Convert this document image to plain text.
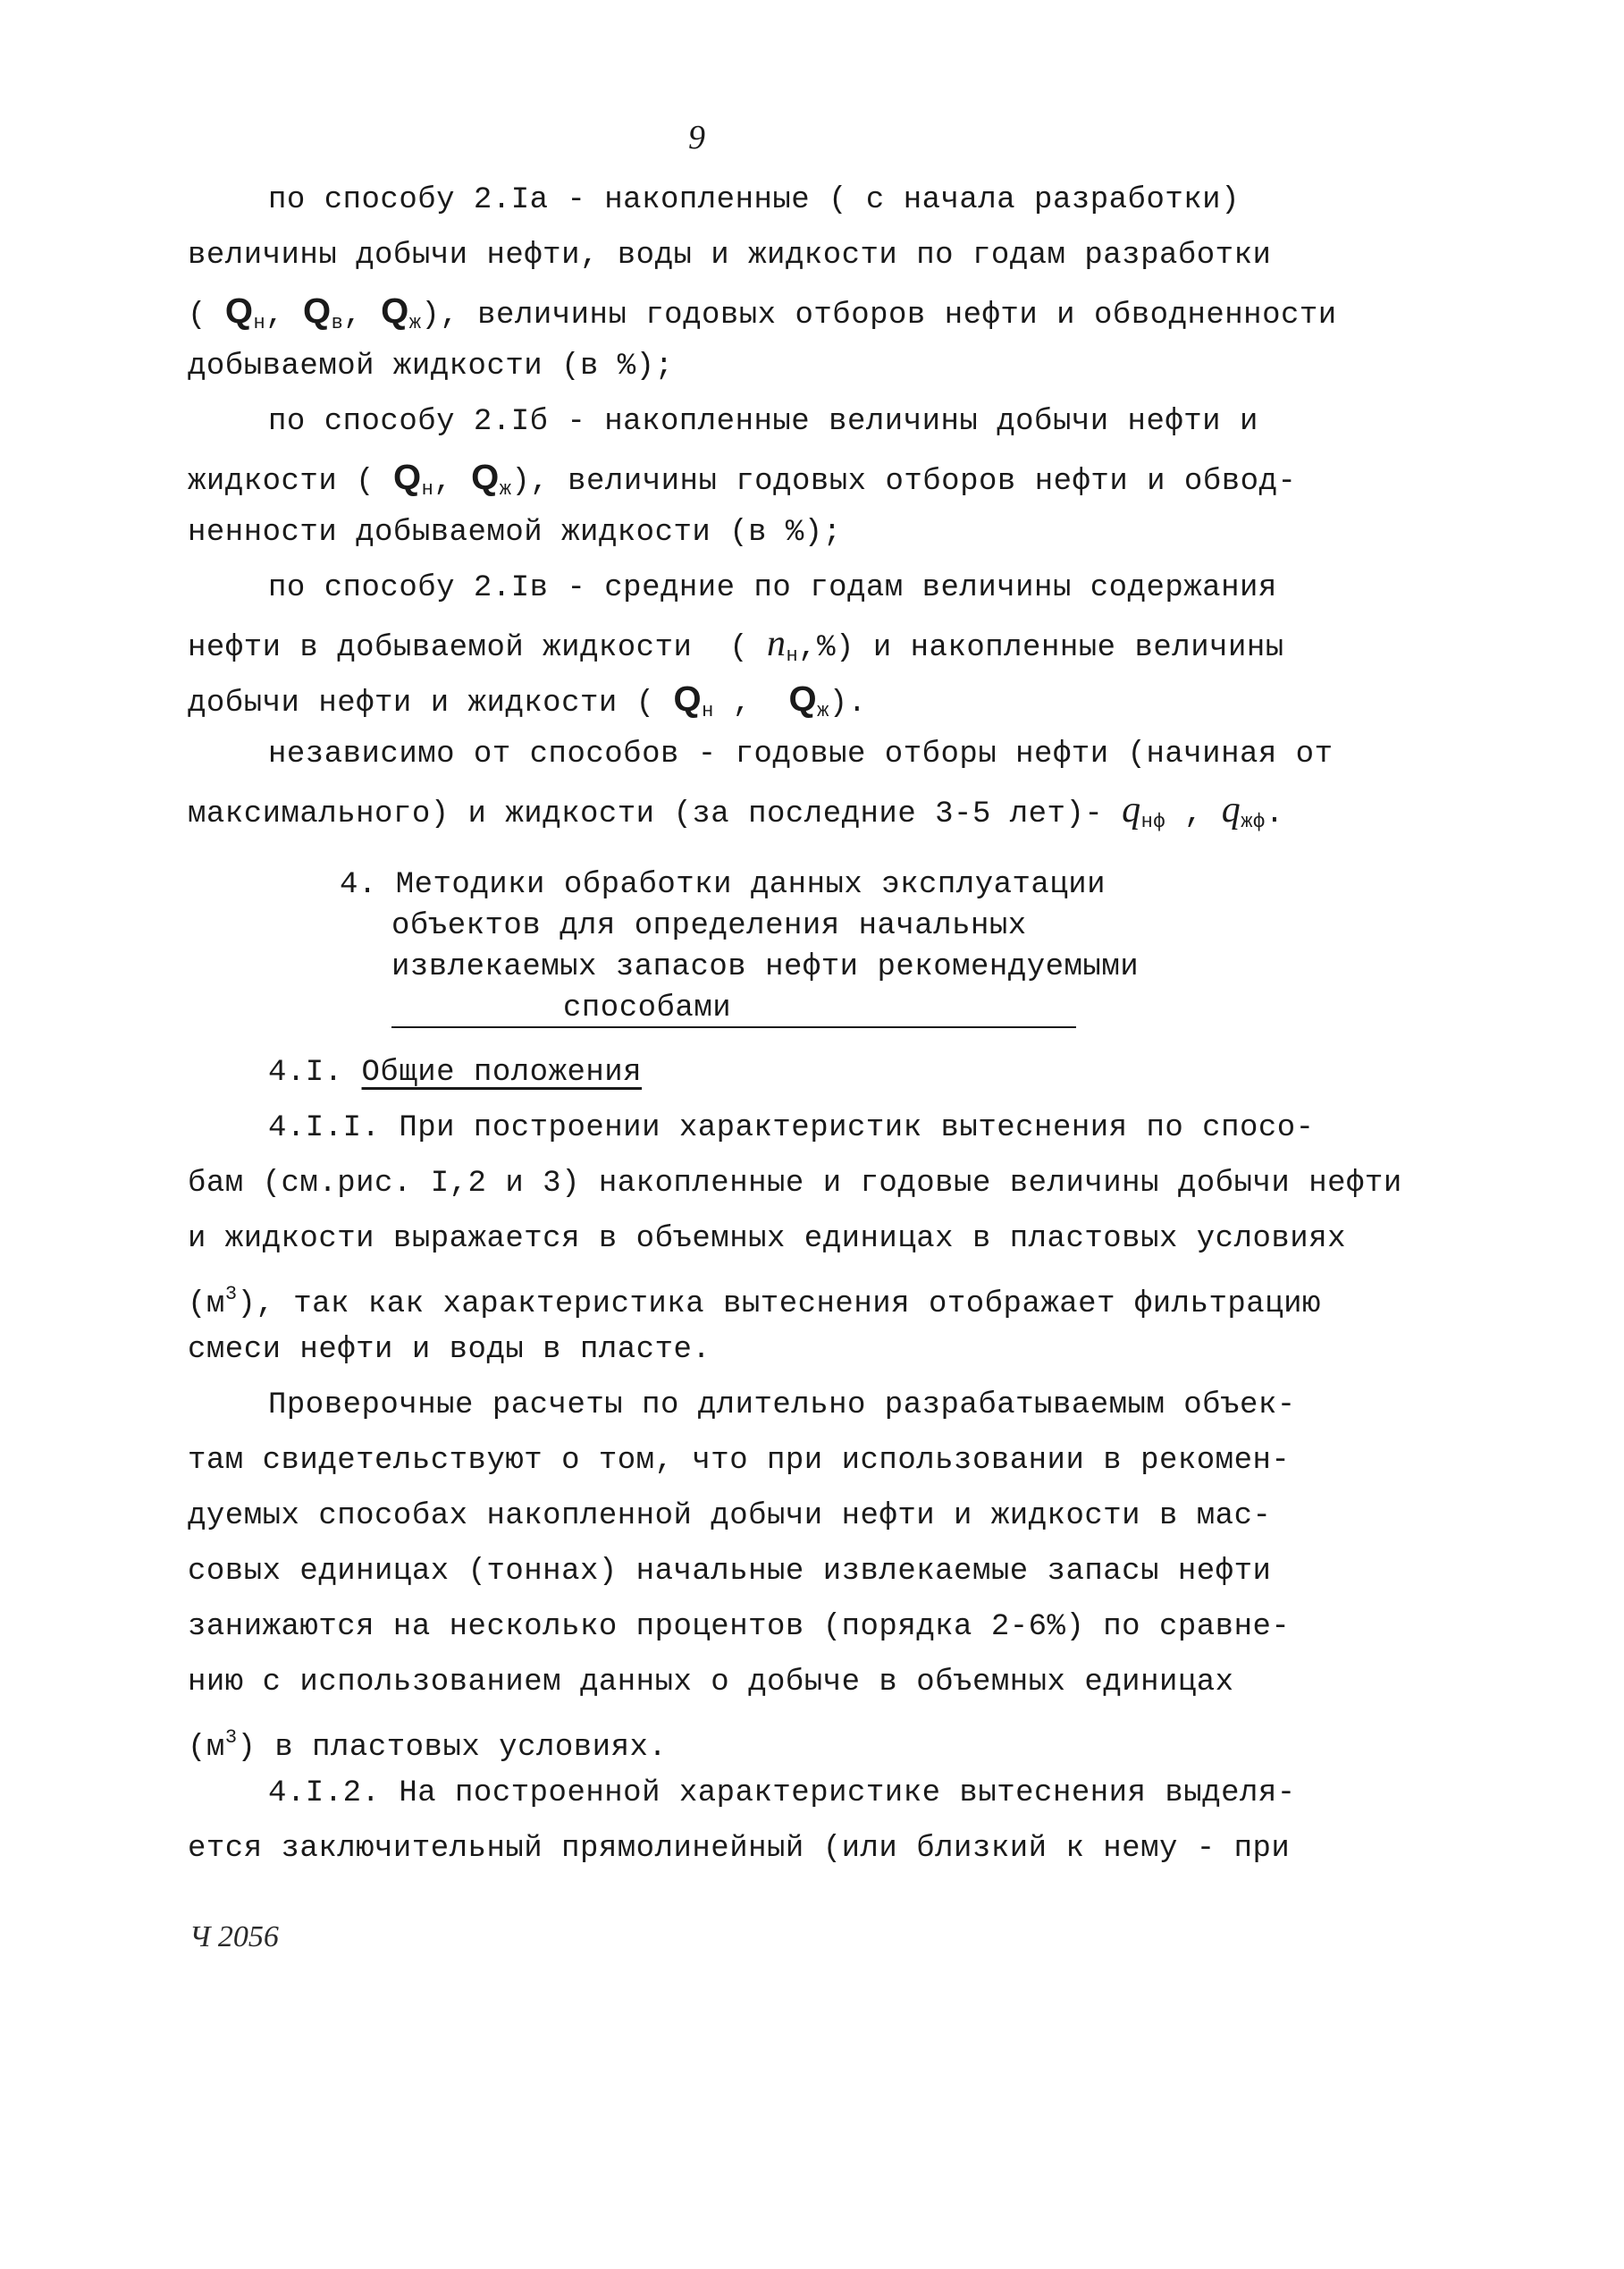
9
по способу 2.Iа - накопленные ( с начала разработки)
величины добычи нефти, воды и жидкости по годам разработки
( $Q_н$, $Q_в$, $Q_ж$), величины годовых отборов нефти и обводненности
добываемой жидкости (в %);
по способу 2.Iб - накопленные величины добычи нефти и
жидкости ( $Q_н$, $Q_ж$), величины годовых отборов нефти и обвод-
ненности добываемой жидкости (в %);
по способу 2.Iв - средние по годам величины содержания
нефти в добываемой жидкости  ( $n_н,\%$) и накопленные величины
добычи нефти и жидкости ( $Q_н$ ,  $Q_ж$).
независимо от способов - годовые отборы нефти (начиная от
максимального) и жидкости (за последние 3-5 лет)- $q_{нф}$ , $q_{жф}$.
4. Методики обработки данных эксплуатации
объектов для определения начальных
извлекаемых запасов нефти рекомендуемыми
способами
4.I. Общие положения
4.I.I. При построении характеристик вытеснения по спосо-
бам (см.рис. I,2 и 3) накопленные и годовые величины добычи нефти
и жидкости выражается в объемных единицах в пластовых условиях
$(м^3)$, так как характеристика вытеснения отображает фильтрацию
смеси нефти и воды в пласте.
Проверочные расчеты по длительно разрабатываемым объек-
там свидетельствуют о том, что при использовании в рекомен-
дуемых способах накопленной добычи нефти и жидкости в мас-
совых единицах (тоннах) начальные извлекаемые запасы нефти
занижаются на несколько процентов (порядка 2-6%) по сравне-
нию с использованием данных о добыче в объемных единицах
$(м^3)$ в пластовых условиях.
4.I.2. На построенной характеристике вытеснения выделя-
ется заключительный прямолинейный (или близкий к нему - при
Ч 2056
